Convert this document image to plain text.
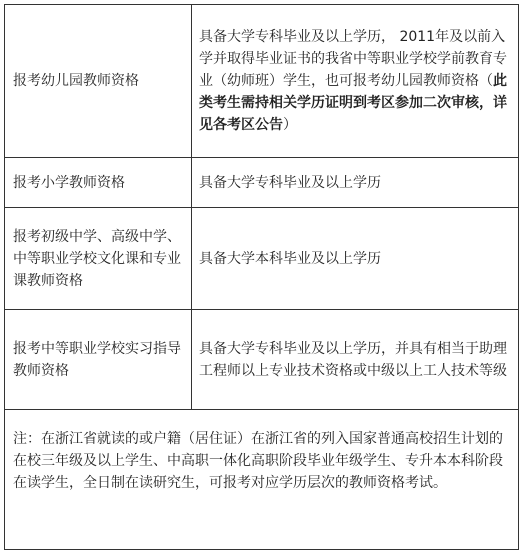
报考幼儿园教师资格
具备大学专科毕业及以上学历， 2011年及以前入学并取得毕业证书的我省中等职业学校学前教育专业（幼师班）学生，也可报考幼儿园教师资格（此类考生需持相关学历证明到考区参加二次审核，详见各考区公告）
报考小学教师资格	具备大学专科毕业及以上学历
报考初级中学、高级中学、中等职业学校文化课和专业课教师资格
具备大学本科毕业及以上学历
报考中等职业学校实习指导教师资格
具备大学专科毕业及以上学历，并具有相当于助理工程师以上专业技术资格或中级以上工人技术等级
注：在浙江省就读的或户籍（居住证）在浙江省的列入国家普通高校招生计划的在校三年级及以上学生、中高职一体化高职阶段毕业年级学生、专升本本科阶段在读学生，全日制在读研究生，可报考对应学历层次的教师资格考试。
